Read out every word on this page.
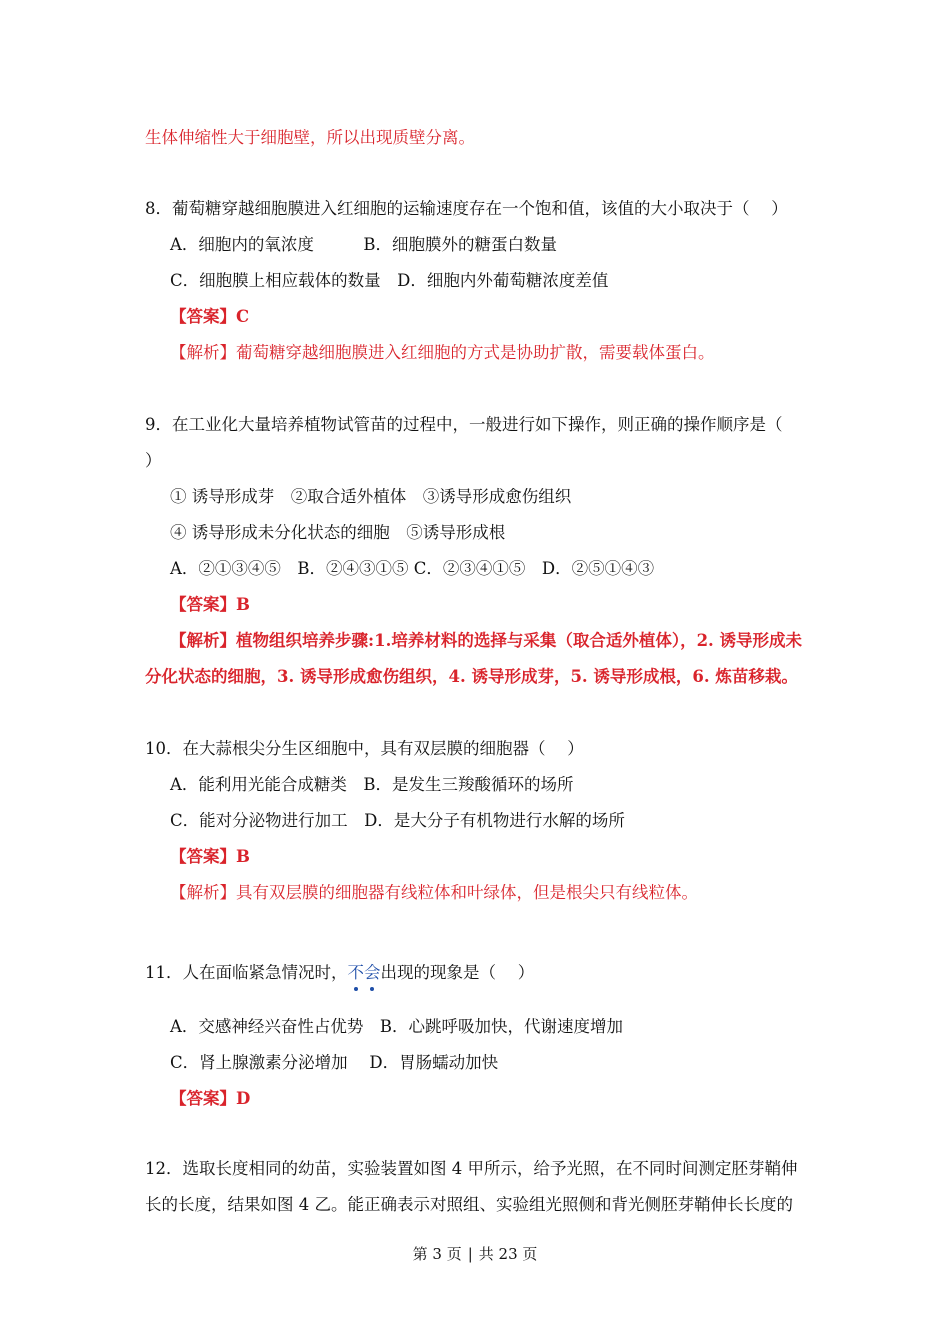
生体伸缩性大于细胞壁，所以出现质壁分离。
8．葡萄糖穿越细胞膜进入红细胞的运输速度存在一个饱和值，该值的大小取决于（　 ）
A．细胞内的氧浓度　　　B．细胞膜外的糖蛋白数量
C．细胞膜上相应载体的数量　D．细胞内外葡萄糖浓度差值
【答案】C
【解析】葡萄糖穿越细胞膜进入红细胞的方式是协助扩散，需要载体蛋白。
9．在工业化大量培养植物试管苗的过程中，一般进行如下操作，则正确的操作顺序是（
）
① 诱导形成芽　②取合适外植体　③诱导形成愈伤组织
④ 诱导形成未分化状态的细胞　⑤诱导形成根
A．②①③④⑤　B．②④③①⑤ C．②③④①⑤　D．②⑤①④③
【答案】B
【解析】植物组织培养步骤:1.培养材料的选择与采集（取合适外植体），2. 诱导形成未
分化状态的细胞，3. 诱导形成愈伤组织，4. 诱导形成芽，5. 诱导形成根，6. 炼苗移栽。
10．在大蒜根尖分生区细胞中，具有双层膜的细胞器（　 ）
A．能利用光能合成糖类　B．是发生三羧酸循环的场所
C．能对分泌物进行加工　D．是大分子有机物进行水解的场所
【答案】B
【解析】具有双层膜的细胞器有线粒体和叶绿体，但是根尖只有线粒体。
11．人在面临紧急情况时，不会
出现的现象是（　 ）
A．交感神经兴奋性占优势　B．心跳呼吸加快，代谢速度增加
C．肾上腺激素分泌增加　 D．胃肠蠕动加快
【答案】D
12．选取长度相同的幼苗，实验装置如图 4 甲所示，给予光照，在不同时间测定胚芽鞘伸
长的长度，结果如图 4 乙。能正确表示对照组、实验组光照侧和背光侧胚芽鞘伸长长度的
第 3 页 | 共 23 页
